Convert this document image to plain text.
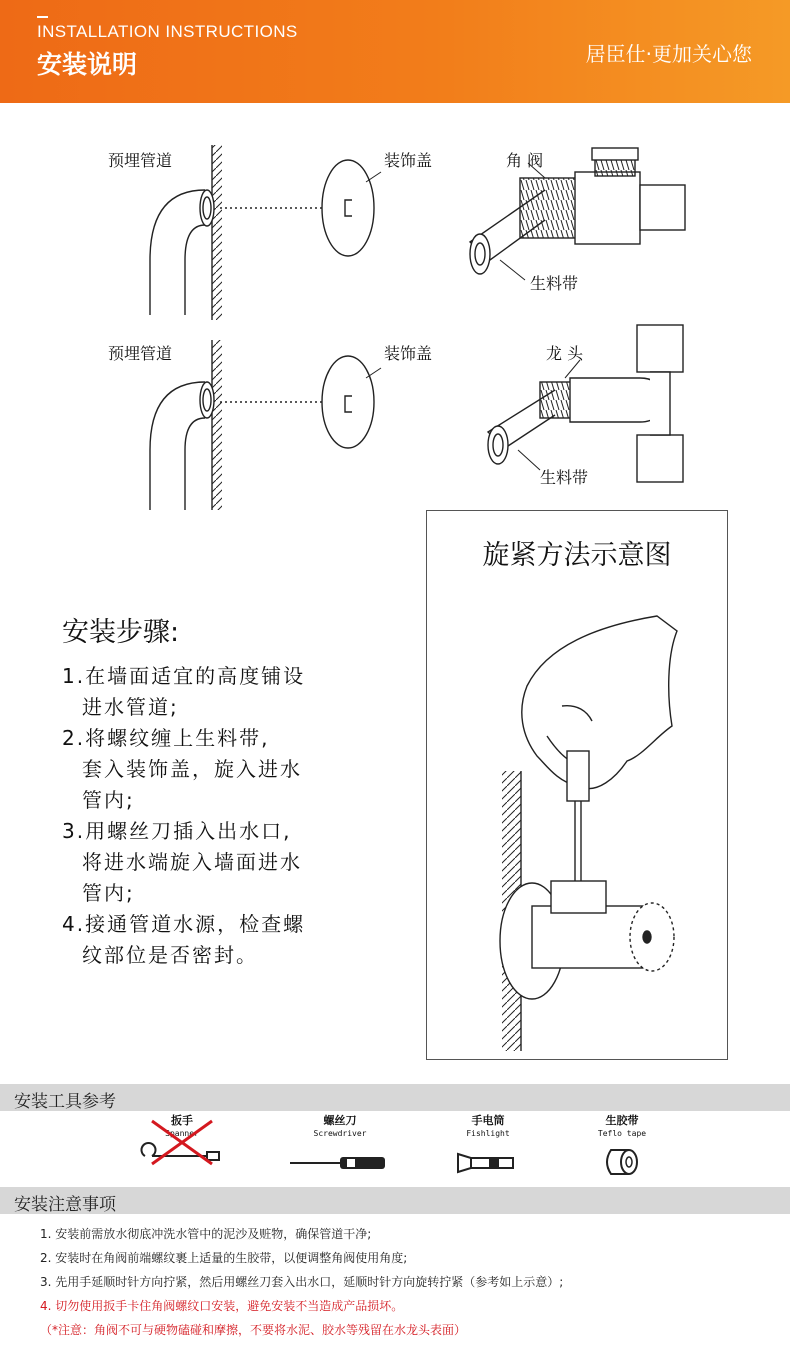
INSTALLATION INSTRUCTIONS
安装说明	居臣仕·更加关心您
预埋管道	装饰盖	角 阀
生料带
预埋管道	装饰盖	龙 头
生料带
旋紧方法示意图
安装步骤:
1.在墙面适宜的高度铺设
进水管道;
2.将螺纹缠上生料带,
套入装饰盖，旋入进水
管内;
3.用螺丝刀插入出水口,
将进水端旋入墙面进水
管内;
4.接通管道水源，检查螺
纹部位是否密封。
安装工具参考
扳手
Spanner
螺丝刀
Screwdriver
手电筒
Fishlight
生胶带
Teflo tape
安装注意事项
1. 安装前需放水彻底冲洗水管中的泥沙及赃物，确保管道干净;
2. 安装时在角阀前端螺纹裹上适量的生胶带，以便调整角阀使用角度;
3. 先用手延顺时针方向拧紧，然后用螺丝刀套入出水口，延顺时针方向旋转拧紧（参考如上示意）;
4. 切勿使用扳手卡住角阀螺纹口安装，避免安装不当造成产品损坏。
（*注意：角阀不可与硬物磕碰和摩擦，不要将水泥、胶水等残留在水龙头表面）
